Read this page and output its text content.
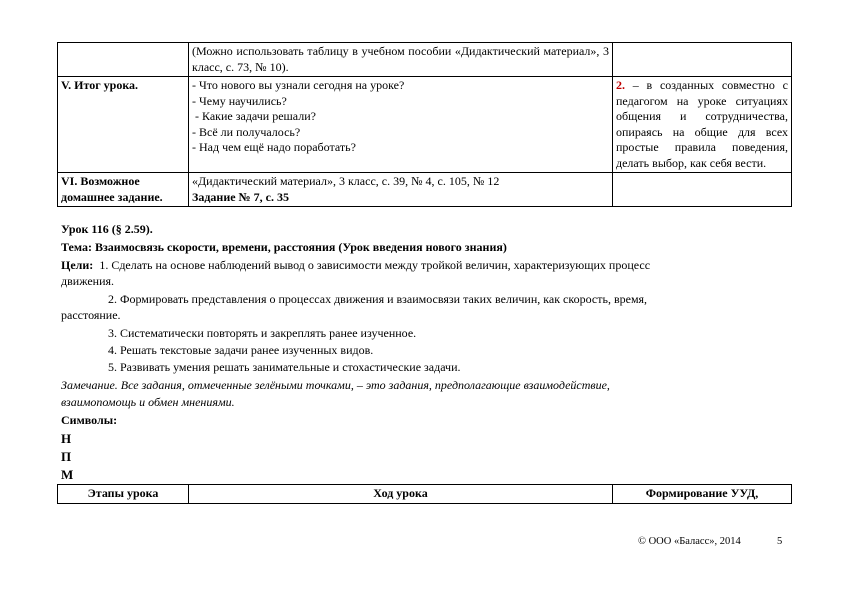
	(Можно использовать таблицу в учебном пособии «Дидактический материал», 3 класс, с. 73, № 10).	
V. Итог урока.	- Что нового вы узнали сегодня на уроке?
- Чему научились?
- Какие задачи решали?
- Всё ли получалось?
- Над чем ещё надо поработать?	2. – в созданных совместно с педагогом на уроке ситуациях общения и сотрудничества, опираясь на общие для всех простые правила поведения, делать выбор, как себя вести.
VI. Возможное домашнее задание.	«Дидактический материал», 3 класс, с. 39, № 4, с. 105, № 12
Задание № 7, с. 35	

Урок 116 (§ 2.59).
Тема: Взаимосвязь скорости, времени, расстояния (Урок введения нового знания)
Цели: 1. Сделать на основе наблюдений вывод о зависимости между тройкой величин, характеризующих процесс
движения.
2. Формировать представления о процессах движения и взаимосвязи таких величин, как скорость, время,
расстояние.
3. Систематически повторять и закреплять ранее изученное.
4. Решать текстовые задачи ранее изученных видов.
5. Развивать умения решать занимательные и стохастические задачи.
Замечание. Все задания, отмеченные зелёными точками, – это задания, предполагающие взаимодействие,
взаимопомощь и обмен мнениями.
Символы:
Н
П
М
Этапы урока	Ход урока	Формирование УУД,
© ООО «Баласс», 2014	5
